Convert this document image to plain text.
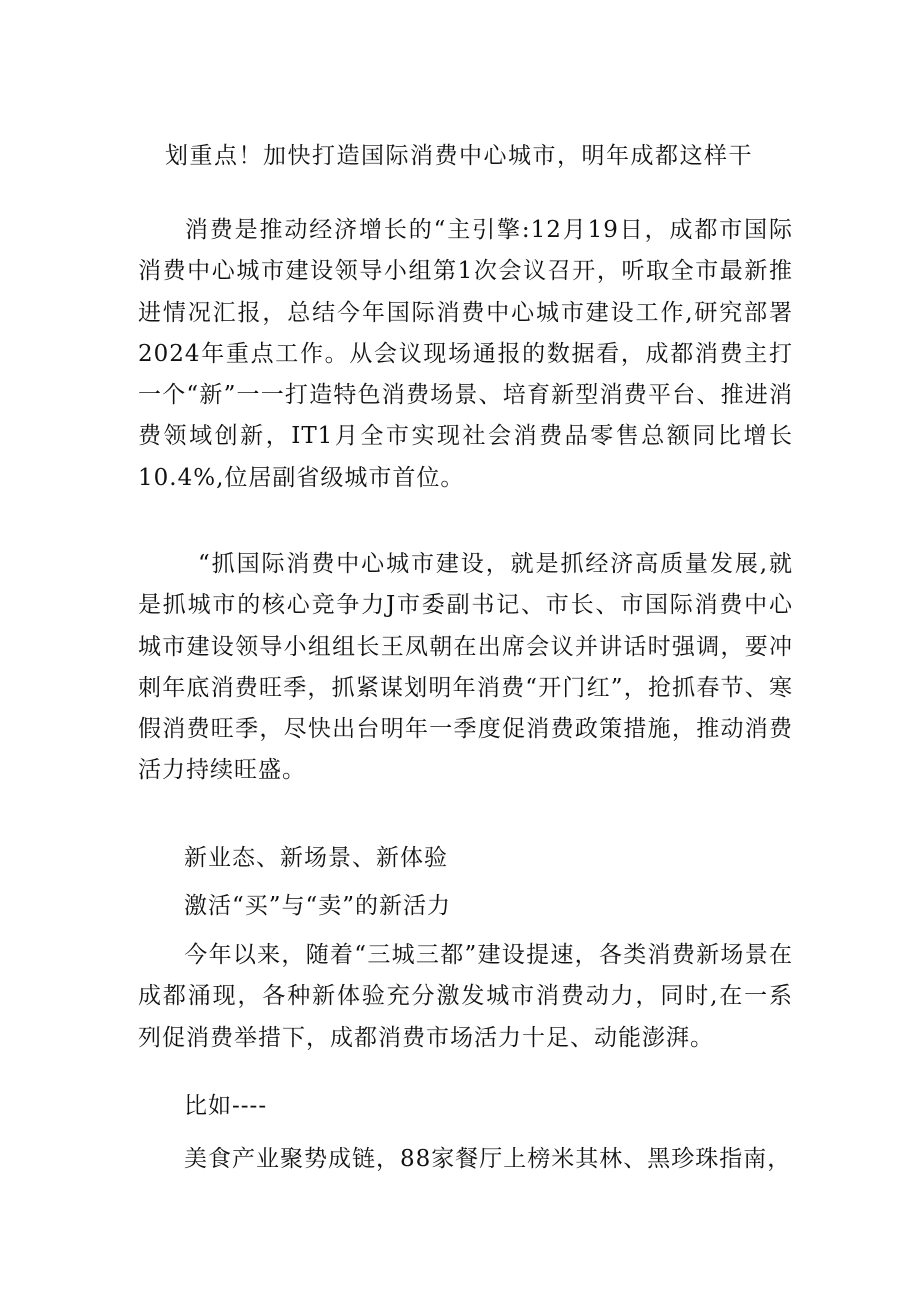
划重点！加快打造国际消费中心城市，明年成都这样干

消费是推动经济增长的“主引擎:12月19日，成都市国际消费中心城市建设领导小组第1次会议召开，听取全市最新推进情况汇报，总结今年国际消费中心城市建设工作,研究部署2024年重点工作。从会议现场通报的数据看，成都消费主打一个“新”一一打造特色消费场景、培育新型消费平台、推进消费领域创新，IT1月全市实现社会消费品零售总额同比增长10.4%,位居副省级城市首位。

“抓国际消费中心城市建设，就是抓经济高质量发展,就是抓城市的核心竞争力J市委副书记、市长、市国际消费中心城市建设领导小组组长王凤朝在出席会议并讲话时强调，要冲刺年底消费旺季，抓紧谋划明年消费“开门红”，抢抓春节、寒假消费旺季，尽快出台明年一季度促消费政策措施，推动消费活力持续旺盛。

新业态、新场景、新体验
激活“买”与“卖”的新活力

今年以来，随着“三城三都”建设提速，各类消费新场景在成都涌现，各种新体验充分激发城市消费动力，同时,在一系列促消费举措下，成都消费市场活力十足、动能澎湃。

比如----
美食产业聚势成链，88家餐厅上榜米其林、黑珍珠指南，
